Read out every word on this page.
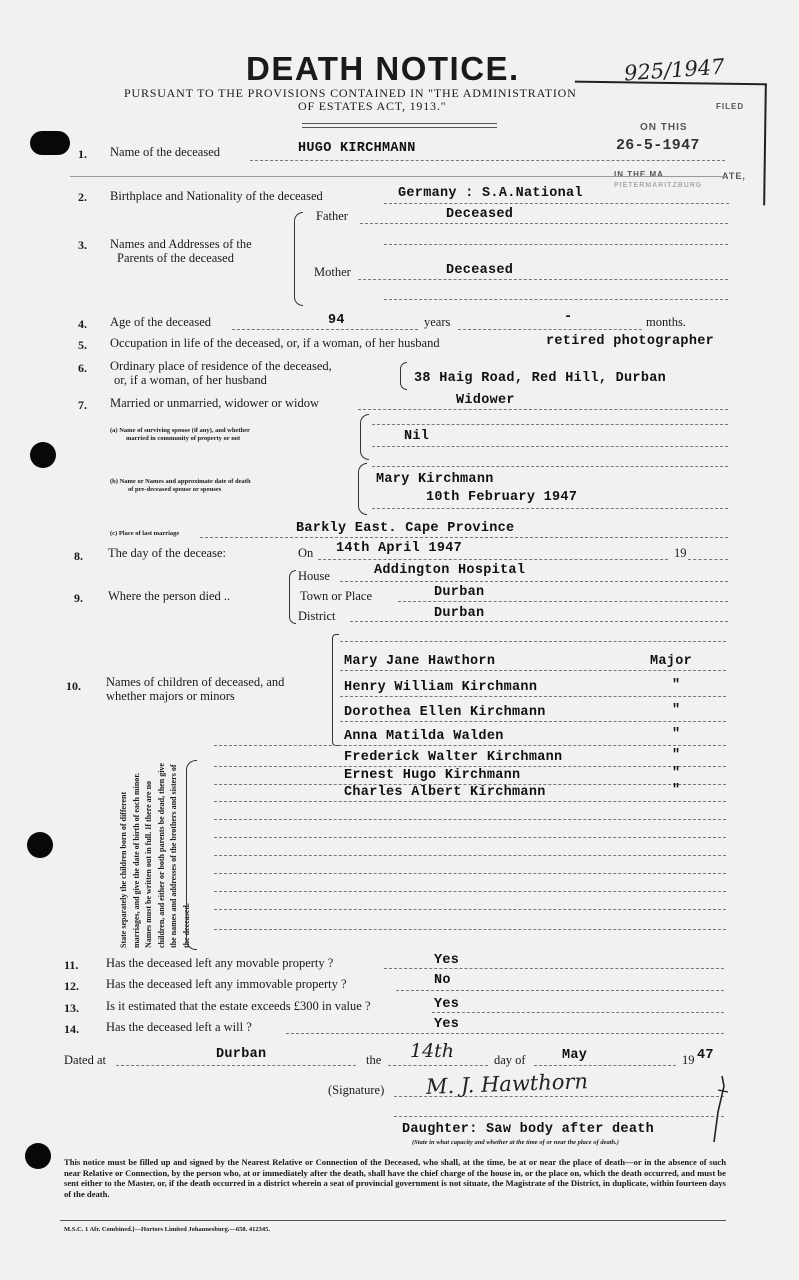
DEATH NOTICE.
PURSUANT TO THE PROVISIONS CONTAINED IN "THE ADMINISTRATION
OF ESTATES ACT, 1913."
925/1947
FILED
ON THIS
26-5-1947
IN THE MA	ATE,
PIETERMARITZBURG
1. Name of the deceased	HUGO KIRCHMANN
2. Birthplace and Nationality of the deceased	Germany : S.A.National
3. Names and Addresses of the
Parents of the deceased
Father	Deceased
Mother	Deceased
4. Age of the deceased	94	years	-	months.
5. Occupation in life of the deceased, or, if a woman, of her husband	retired photographer
6. Ordinary place of residence of the deceased,
or, if a woman, of her husband	38 Haig Road, Red Hill, Durban
7. Married or unmarried, widower or widow	Widower
(a) Name of surviving spouse (if any), and whether
married in community of property or not	Nil
(b) Name or Names and approximate date of death
of pre-deceased spouse or spouses
Mary Kirchmann
10th February 1947
(c) Place of last marriage	Barkly East. Cape Province
8. The day of the decease:	On 14th April 1947	19
9. Where the person died ..
House	Addington Hospital
Town or Place	Durban
District	Durban
10. Names of children of deceased, and
whether majors or minors
Mary Jane Hawthorn	Major
Henry William Kirchmann	"
Dorothea Ellen Kirchmann	"
Anna Matilda Walden	"
Frederick Walter Kirchmann	"
Ernest Hugo Kirchmann	"
Charles Albert Kirchmann	"
State separately the children born of different marriages, and give the date of birth of each minor. Names must be written out in full. If there are no children, and either or both parents be dead, then give the names and addresses of the brothers and sisters of the deceased.
11. Has the deceased left any movable property ?	Yes
12. Has the deceased left any immovable property ?	No
13. Is it estimated that the estate exceeds £300 in value ?	Yes
14. Has the deceased left a will ?	Yes
Dated at	Durban	the 14th	day of	May	19 47
(Signature) M. J. Hawthorn
Daughter: Saw body after death
(State in what capacity and whether at the time of or near the place of death.)
This notice must be filled up and signed by the Nearest Relative or Connection of the Deceased, who shall, at the time, be at or near the place of death—or in the absence of such near Relative or Connection, by the person who, at or immediately after the death, shall have the chief charge of the house in, or the place on, which the death occurred, and must be sent either to the Master, or, if the death occurred in a district wherein a seat of provincial government is not situate, the Magistrate of the District, in duplicate, within fourteen days of the death.
M.S.C. 1 Afr. Combined.]—Hortors Limited Johannesburg.—658. 412345.
